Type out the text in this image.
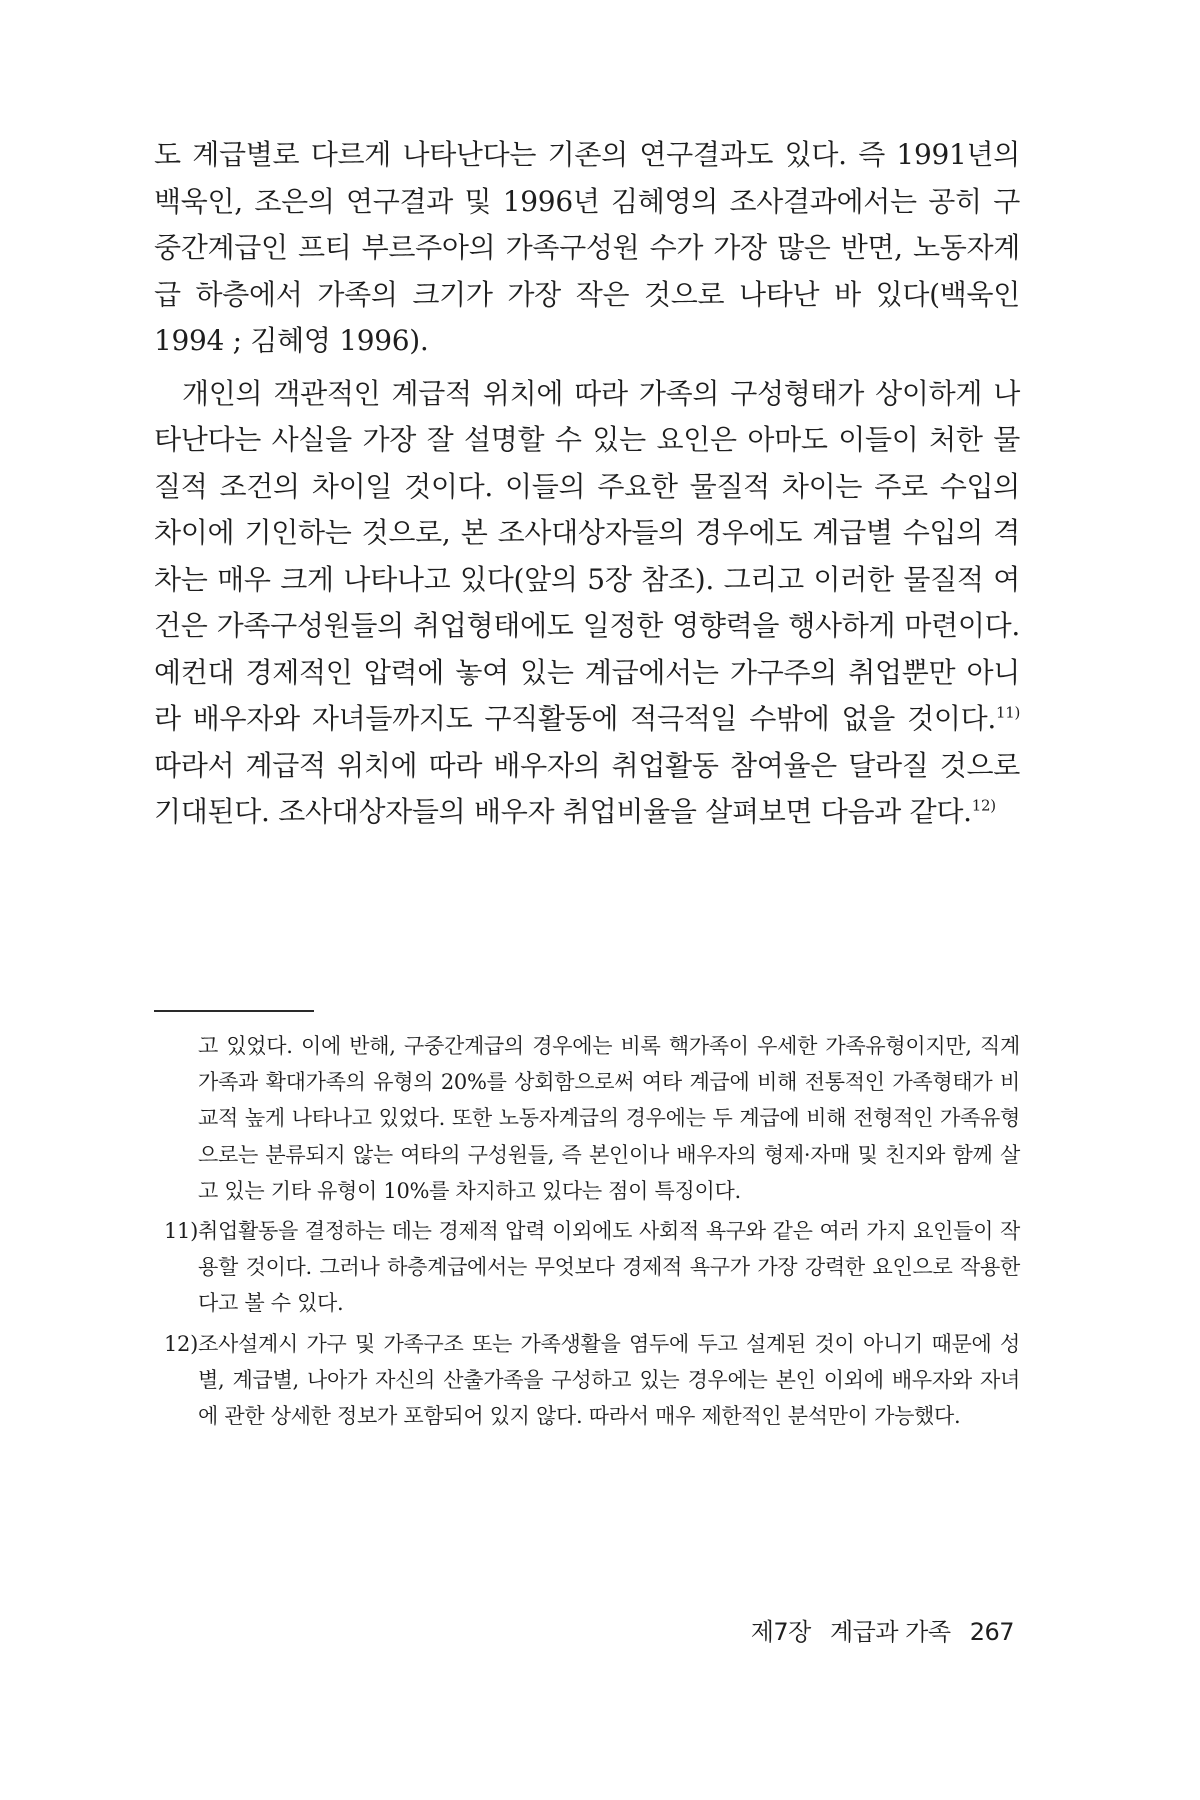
도 계급별로 다르게 나타난다는 기존의 연구결과도 있다. 즉 1991년의 백욱인, 조은의 연구결과 및 1996년 김혜영의 조사결과에서는 공히 구 중간계급인 프티 부르주아의 가족구성원 수가 가장 많은 반면, 노동자계급 하층에서 가족의 크기가 가장 작은 것으로 나타난 바 있다(백욱인 1994 ; 김혜영 1996).

개인의 객관적인 계급적 위치에 따라 가족의 구성형태가 상이하게 나타난다는 사실을 가장 잘 설명할 수 있는 요인은 아마도 이들이 처한 물질적 조건의 차이일 것이다. 이들의 주요한 물질적 차이는 주로 수입의 차이에 기인하는 것으로, 본 조사대상자들의 경우에도 계급별 수입의 격차는 매우 크게 나타나고 있다(앞의 5장 참조). 그리고 이러한 물질적 여건은 가족구성원들의 취업형태에도 일정한 영향력을 행사하게 마련이다. 예컨대 경제적인 압력에 놓여 있는 계급에서는 가구주의 취업뿐만 아니라 배우자와 자녀들까지도 구직활동에 적극적일 수밖에 없을 것이다.$^{11)}$ 따라서 계급적 위치에 따라 배우자의 취업활동 참여율은 달라질 것으로 기대된다. 조사대상자들의 배우자 취업비율을 살펴보면 다음과 같다.$^{12)}$

고 있었다. 이에 반해, 구중간계급의 경우에는 비록 핵가족이 우세한 가족유형이지만, 직계가족과 확대가족의 유형의 20%를 상회함으로써 여타 계급에 비해 전통적인 가족형태가 비교적 높게 나타나고 있었다. 또한 노동자계급의 경우에는 두 계급에 비해 전형적인 가족유형으로는 분류되지 않는 여타의 구성원들, 즉 본인이나 배우자의 형제·자매 및 친지와 함께 살고 있는 기타 유형이 10%를 차지하고 있다는 점이 특징이다.

11) 취업활동을 결정하는 데는 경제적 압력 이외에도 사회적 욕구와 같은 여러 가지 요인들이 작용할 것이다. 그러나 하층계급에서는 무엇보다 경제적 욕구가 가장 강력한 요인으로 작용한다고 볼 수 있다.

12) 조사설계시 가구 및 가족구조 또는 가족생활을 염두에 두고 설계된 것이 아니기 때문에 성별, 계급별, 나아가 자신의 산출가족을 구성하고 있는 경우에는 본인 이외에 배우자와 자녀에 관한 상세한 정보가 포함되어 있지 않다. 따라서 매우 제한적인 분석만이 가능했다.

제7장 계급과 가족 267
